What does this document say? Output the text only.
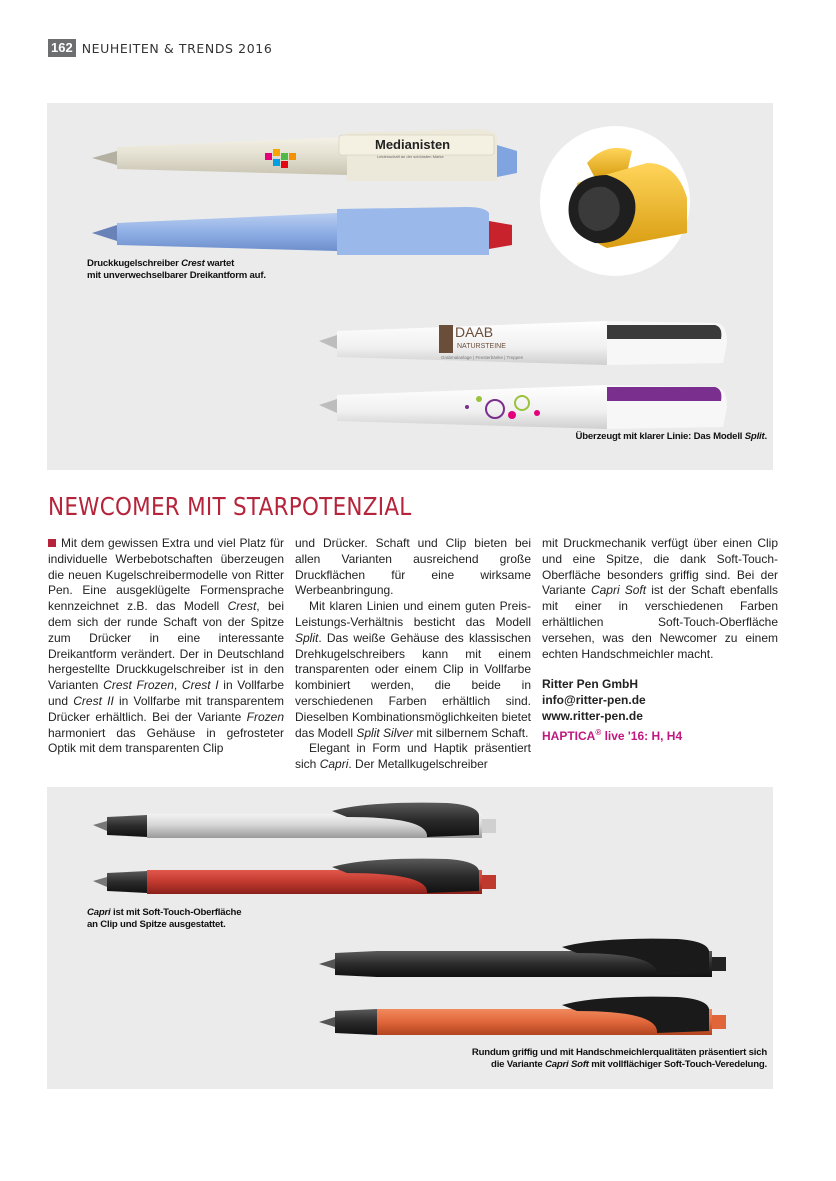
162 NEUHEITEN & TRENDS 2016
Medianisten
Leidenschaft an der schönsten Marke
Druckkugelschreiber Crest wartet
mit unverwechselbarer Dreikantform auf.
DAAB
NATURSTEINE
Grabmalanlage | Fensterbänke | Treppen
Überzeugt mit klarer Linie: Das Modell Split.
NEWCOMER MIT STARPOTENZIAL

Mit dem gewissen Extra und viel Platz für individuelle Werbebotschaften überzeugen die neuen Kugelschreibermodelle von Ritter Pen. Eine ausgeklügelte Formensprache kennzeichnet z.B. das Modell Crest, bei dem sich der runde Schaft von der Spitze zum Drücker in eine interessante Dreikantform verändert. Der in Deutschland hergestellte Druckkugelschreiber ist in den Varianten Crest Frozen, Crest I in Vollfarbe und Crest II in Vollfarbe mit transparentem Drücker erhältlich. Bei der Variante Frozen harmoniert das Gehäuse in gefrosteter Optik mit dem transparenten Clip

und Drücker. Schaft und Clip bieten bei allen Varianten ausreichend große Druckflächen für eine wirksame Werbeanbringung.

Mit klaren Linien und einem guten Preis-Leistungs-Verhältnis besticht das Modell Split. Das weiße Gehäuse des klassischen Drehkugelschreibers kann mit einem transparenten oder einem Clip in Vollfarbe kombiniert werden, die beide in verschiedenen Farben erhältlich sind. Dieselben Kombinationsmöglichkeiten bietet das Modell Split Silver mit silbernem Schaft.

Elegant in Form und Haptik präsentiert sich Capri. Der Metallkugelschreiber

mit Druckmechanik verfügt über einen Clip und eine Spitze, die dank Soft-Touch-Oberfläche besonders griffig sind. Bei der Variante Capri Soft ist der Schaft ebenfalls mit einer in verschiedenen Farben erhältlichen Soft-Touch-Oberfläche versehen, was den Newcomer zu einem echten Handschmeichler macht.

Ritter Pen GmbH
info@ritter-pen.de
www.ritter-pen.de
HAPTICA® live '16: H, H4
Capri ist mit Soft-Touch-Oberfläche
an Clip und Spitze ausgestattet.
Rundum griffig und mit Handschmeichlerqualitäten präsentiert sich
die Variante Capri Soft mit vollflächiger Soft-Touch-Veredelung.
